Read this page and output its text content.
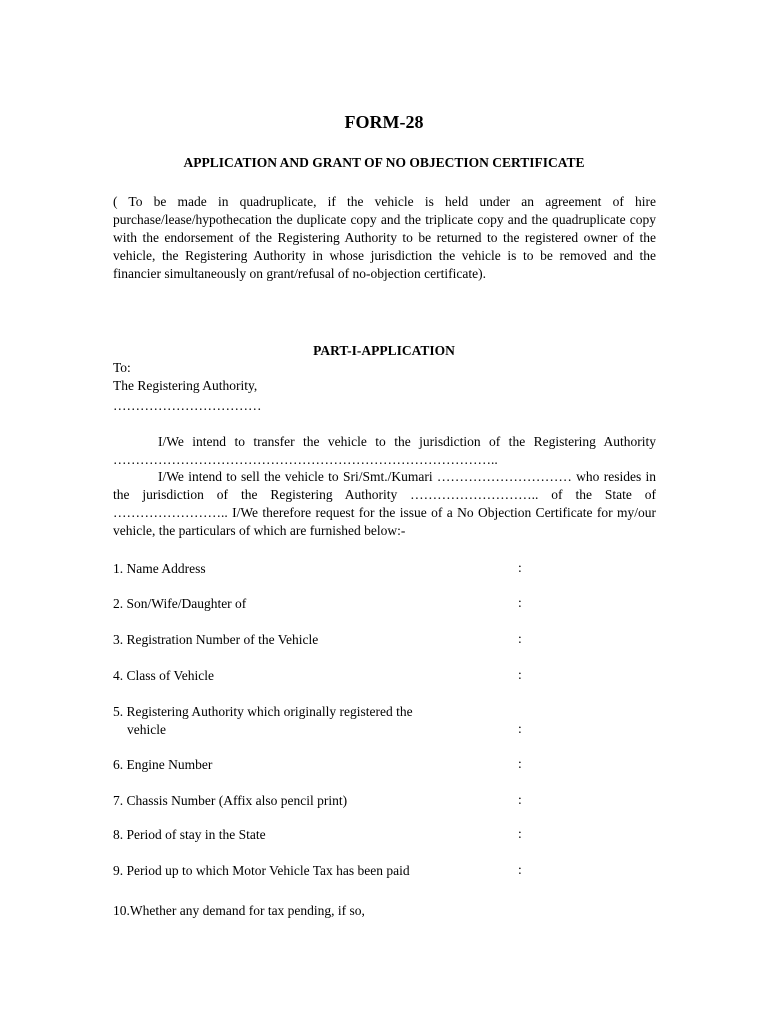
FORM-28
APPLICATION AND GRANT OF NO OBJECTION CERTIFICATE

( To be made in quadruplicate, if the vehicle is held under an agreement of hire purchase/lease/hypothecation the duplicate copy and the triplicate copy and the quadruplicate copy with the endorsement of the Registering Authority to be returned to the registered owner of the vehicle, the Registering Authority in whose jurisdiction the vehicle is to be removed and the financier simultaneously on grant/refusal of no-objection certificate).

PART-I-APPLICATION
To:
The Registering Authority,
……………………………

I/We intend to transfer the vehicle to the jurisdiction of the Registering Authority …………………………………………………………………………..

I/We intend to sell the vehicle to Sri/Smt./Kumari ………………………… who resides in the jurisdiction of the Registering Authority ……………………….. of the State of …………………….. I/We therefore request for the issue of a No Objection Certificate for my/our vehicle, the particulars of which are furnished below:-

1. Name Address	:
2. Son/Wife/Daughter of	:
3. Registration Number of the Vehicle	:
4. Class of Vehicle	:
5. Registering Authority which originally registered the
vehicle	:
6. Engine Number	:
7. Chassis Number (Affix also pencil print)	:
8. Period of stay in the State	:
9. Period up to which Motor Vehicle Tax has been paid	:
10.Whether any demand for tax pending, if so,
